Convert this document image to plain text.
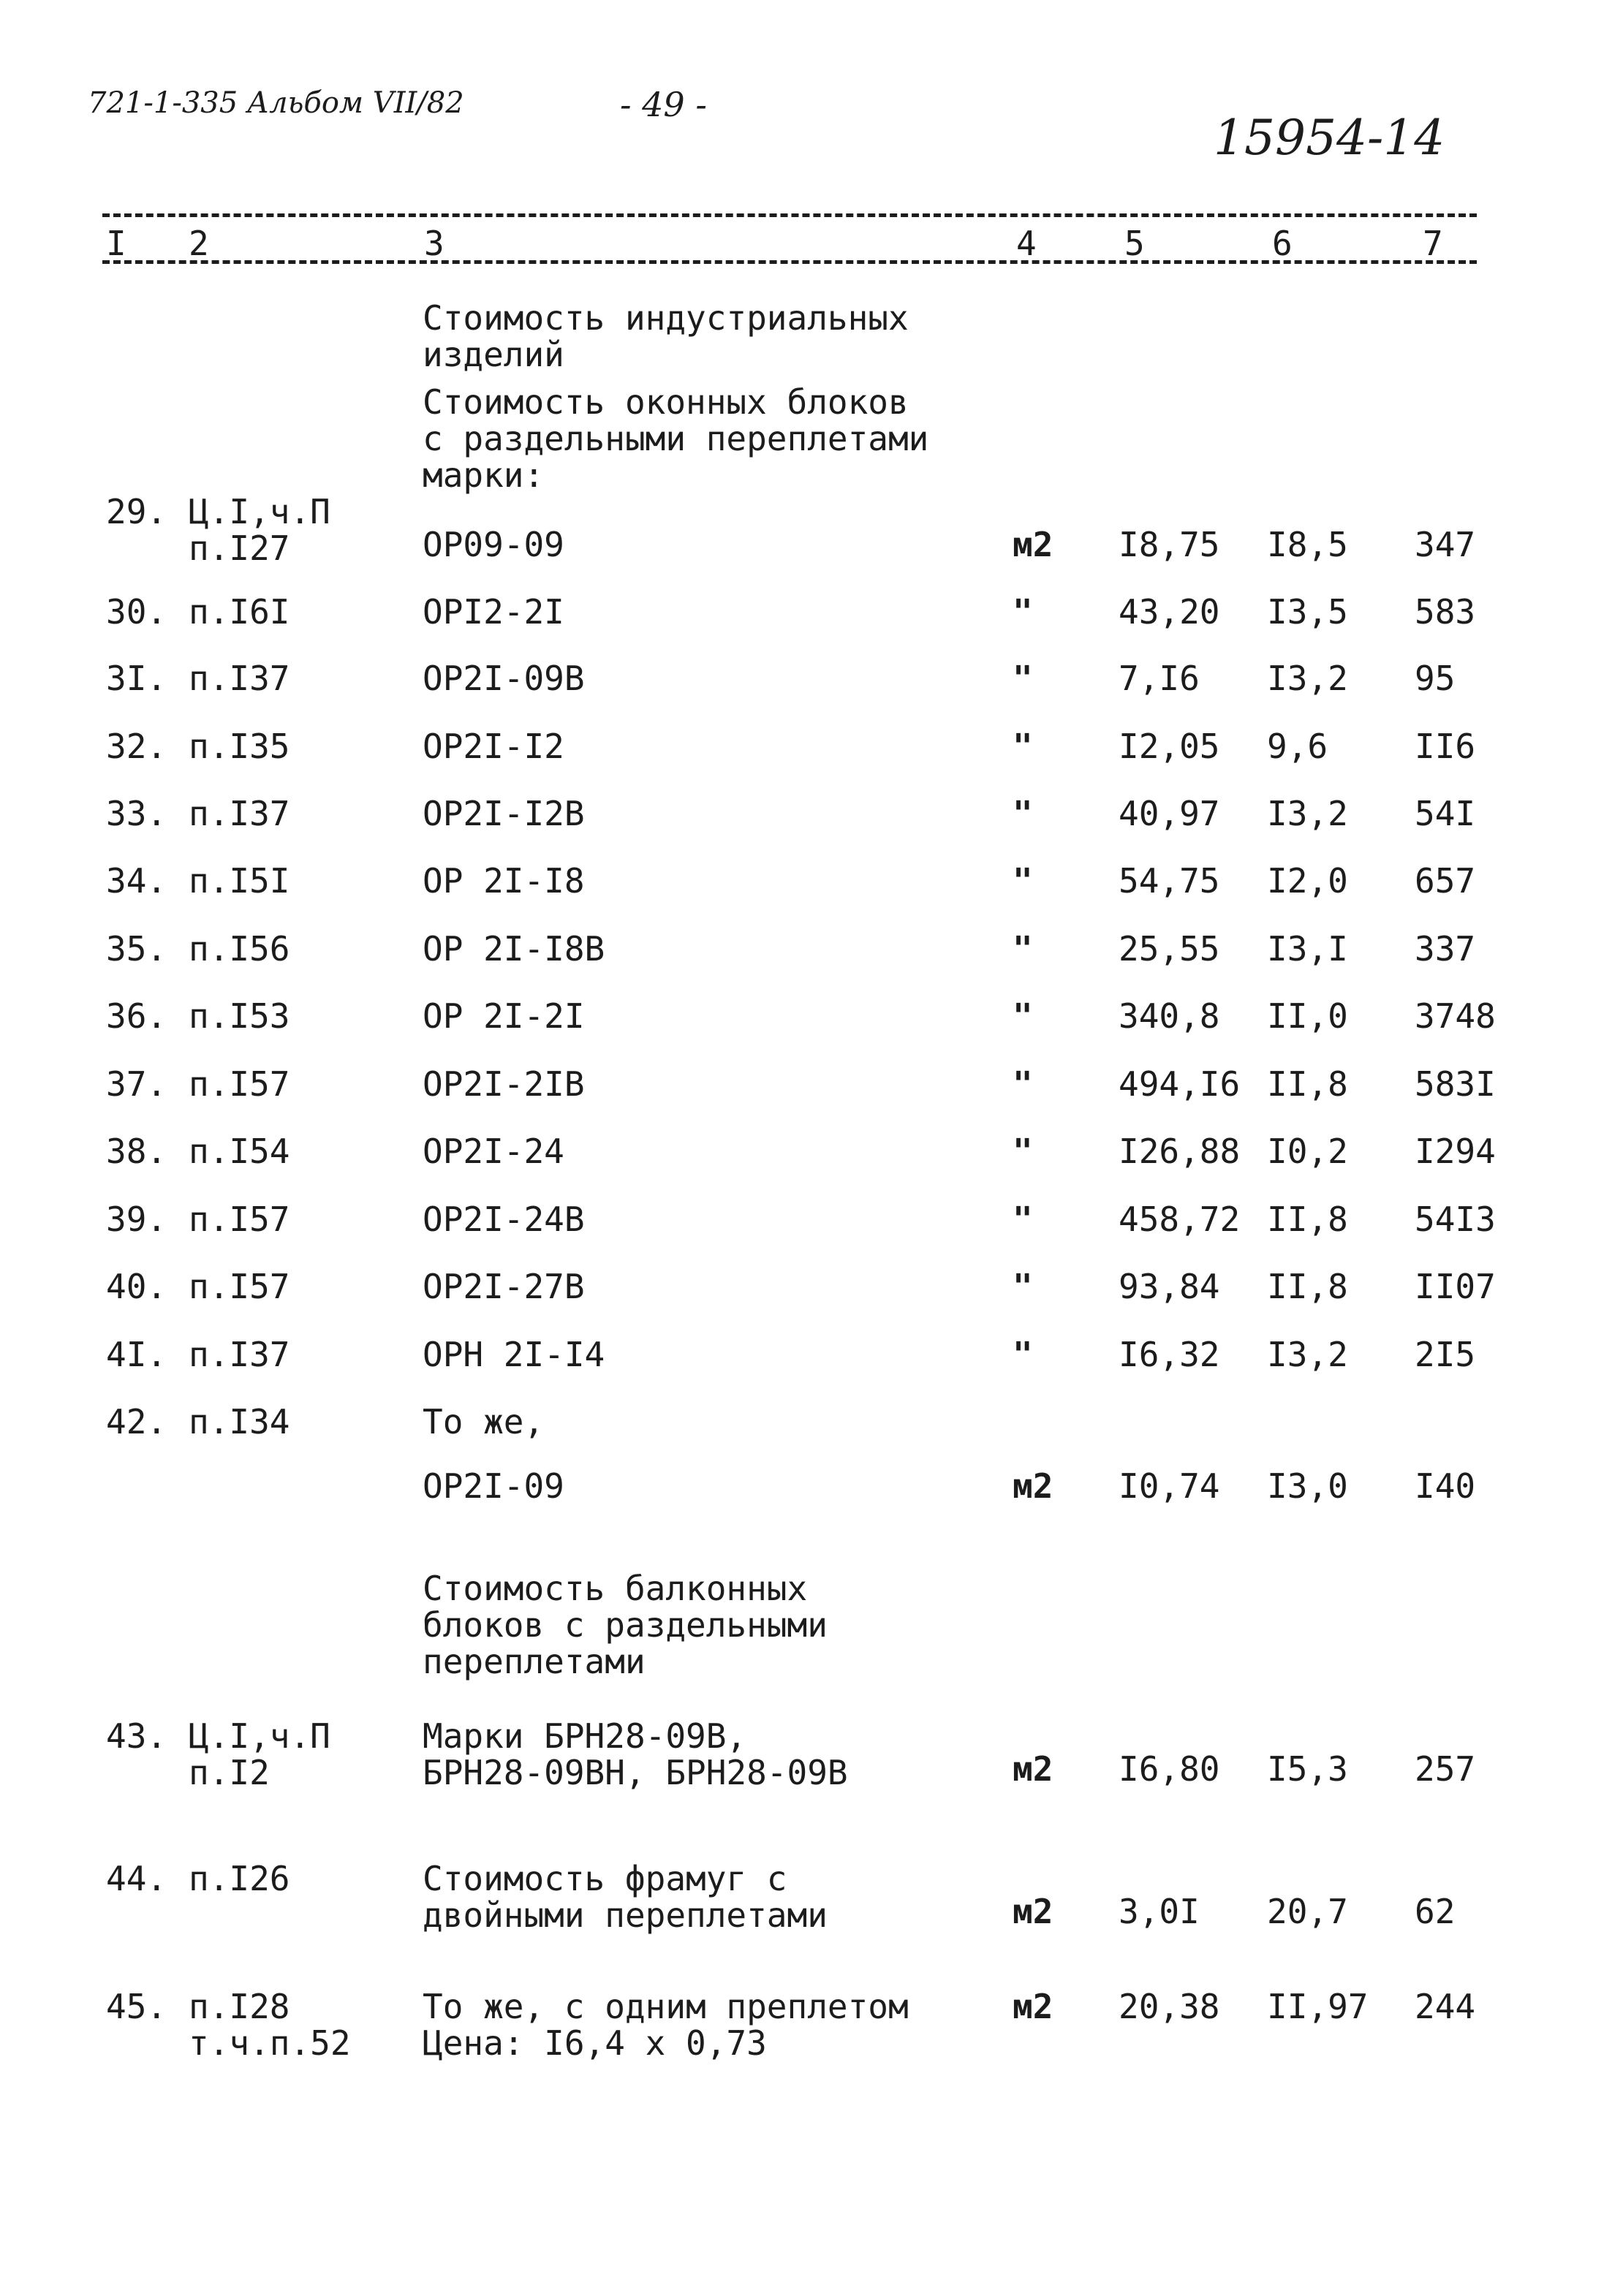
721-1-335 Альбом VII/82	- 49 -
15954-14
I 2	3	4	5	6	7
Стоимость индустриальных
изделий
Стоимость оконных блоков
с раздельными переплетами
марки:
29. Ц.I,ч.П
п.I27	ОР09-09	м2 I8,75 I8,5 347
30. п.I6I	ОРI2-2I	"	43,20 I3,5 583
3I. п.I37	ОР2I-09В	"	7,I6 I3,2 95
32. п.I35	ОР2I-I2	"	I2,05 9,6	II6
33. п.I37	ОР2I-I2В	"	40,97 I3,2 54I
34. п.I5I	ОР 2I-I8	"	54,75 I2,0 657
35. п.I56	ОР 2I-I8В	"	25,55 I3,I 337
36. п.I53	ОР 2I-2I	"	340,8 II,0 3748
37. п.I57	ОР2I-2IВ	"	494,I6 II,8 583I
38. п.I54	ОР2I-24	"	I26,88 I0,2 I294
39. п.I57	ОР2I-24В	"	458,72 II,8 54I3
40. п.I57	ОР2I-27В	"	93,84 II,8 II07
4I. п.I37	ОРН 2I-I4	"	I6,32 I3,2 2I5
42. п.I34	То же,
ОР2I-09	м2 I0,74 I3,0 I40
43. Ц.I,ч.П
п.I2
Марки БРН28-09В,
БРН28-09ВН, БРН28-09В	м2 I6,80 I5,3 257
44. п.I26	Стоимость фрамуг с
двойными переплетами	м2 3,0I 20,7 62
45. п.I28
т.ч.п.52
То же, с одним преплетом
Цена: I6,4 х 0,73
м2 20,38 II,97 244
Стоимость балконных
блоков с раздельными
переплетами
